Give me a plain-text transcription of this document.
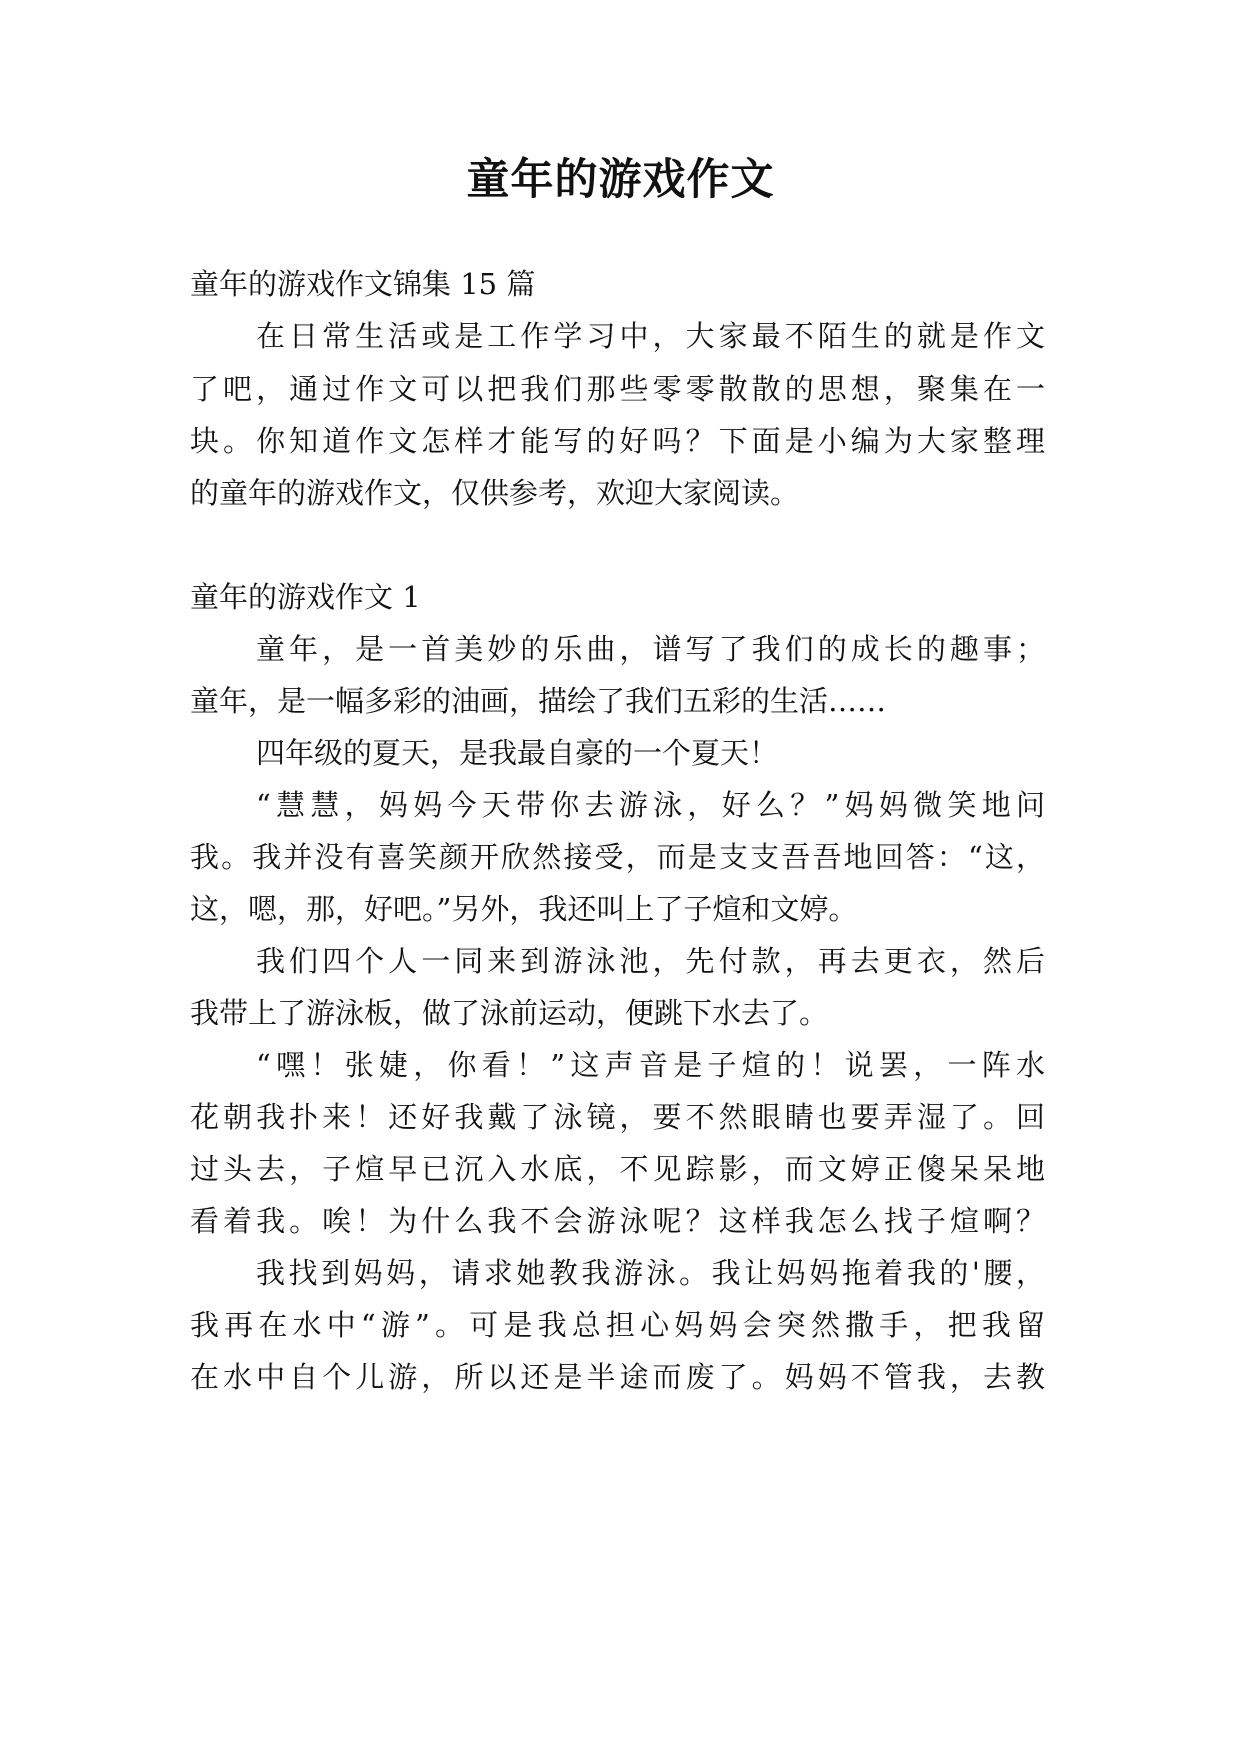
童年的游戏作文
童年的游戏作文锦集 15 篇
在日常生活或是工作学习中，大家最不陌生的就是作文
了吧，通过作文可以把我们那些零零散散的思想，聚集在一
块。你知道作文怎样才能写的好吗？下面是小编为大家整理
的童年的游戏作文，仅供参考，欢迎大家阅读。
童年的游戏作文 1
童年，是一首美妙的乐曲，谱写了我们的成长的趣事；
童年，是一幅多彩的油画，描绘了我们五彩的生活……
四年级的夏天，是我最自豪的一个夏天！
“慧慧，妈妈今天带你去游泳，好么？”妈妈微笑地问
我。我并没有喜笑颜开欣然接受，而是支支吾吾地回答：“这，
这，嗯，那，好吧。”另外，我还叫上了子煊和文婷。
我们四个人一同来到游泳池，先付款，再去更衣，然后
我带上了游泳板，做了泳前运动，便跳下水去了。
“嘿！张婕，你看！”这声音是子煊的！说罢，一阵水
花朝我扑来！还好我戴了泳镜，要不然眼睛也要弄湿了。回
过头去，子煊早已沉入水底，不见踪影，而文婷正傻呆呆地
看着我。唉！为什么我不会游泳呢？这样我怎么找子煊啊？
我找到妈妈，请求她教我游泳。我让妈妈拖着我的'腰，
我再在水中“游”。可是我总担心妈妈会突然撒手，把我留
在水中自个儿游，所以还是半途而废了。妈妈不管我，去教
